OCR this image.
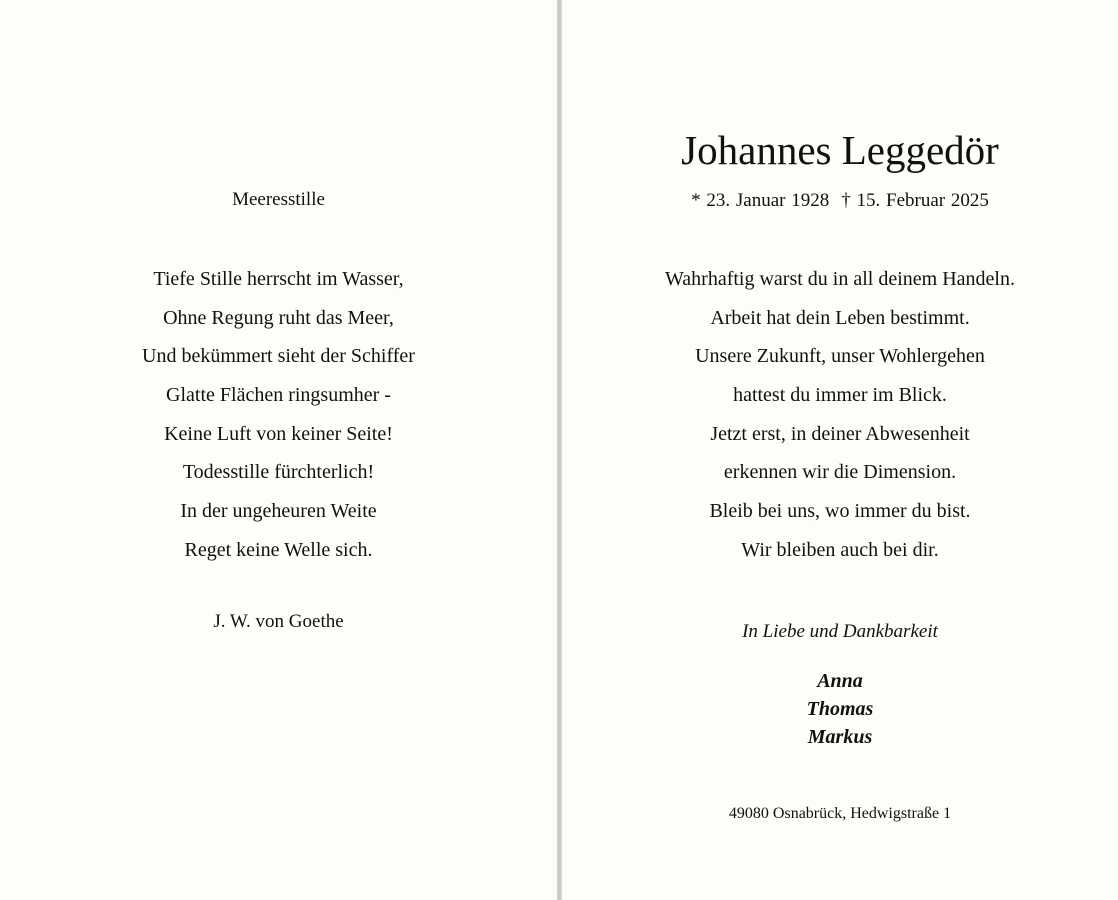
Meeresstille
Tiefe Stille herrscht im Wasser,
Ohne Regung ruht das Meer,
Und bekümmert sieht der Schiffer
Glatte Flächen ringsumher -
Keine Luft von keiner Seite!
Todesstille fürchterlich!
In der ungeheuren Weite
Reget keine Welle sich.
J. W. von Goethe
Johannes Leggedör
* 23. Januar 1928 † 15. Februar 2025
Wahrhaftig warst du in all deinem Handeln.
Arbeit hat dein Leben bestimmt.
Unsere Zukunft, unser Wohlergehen
hattest du immer im Blick.
Jetzt erst, in deiner Abwesenheit
erkennen wir die Dimension.
Bleib bei uns, wo immer du bist.
Wir bleiben auch bei dir.
In Liebe und Dankbarkeit
Anna
Thomas
Markus
49080 Osnabrück, Hedwigstraße 1
